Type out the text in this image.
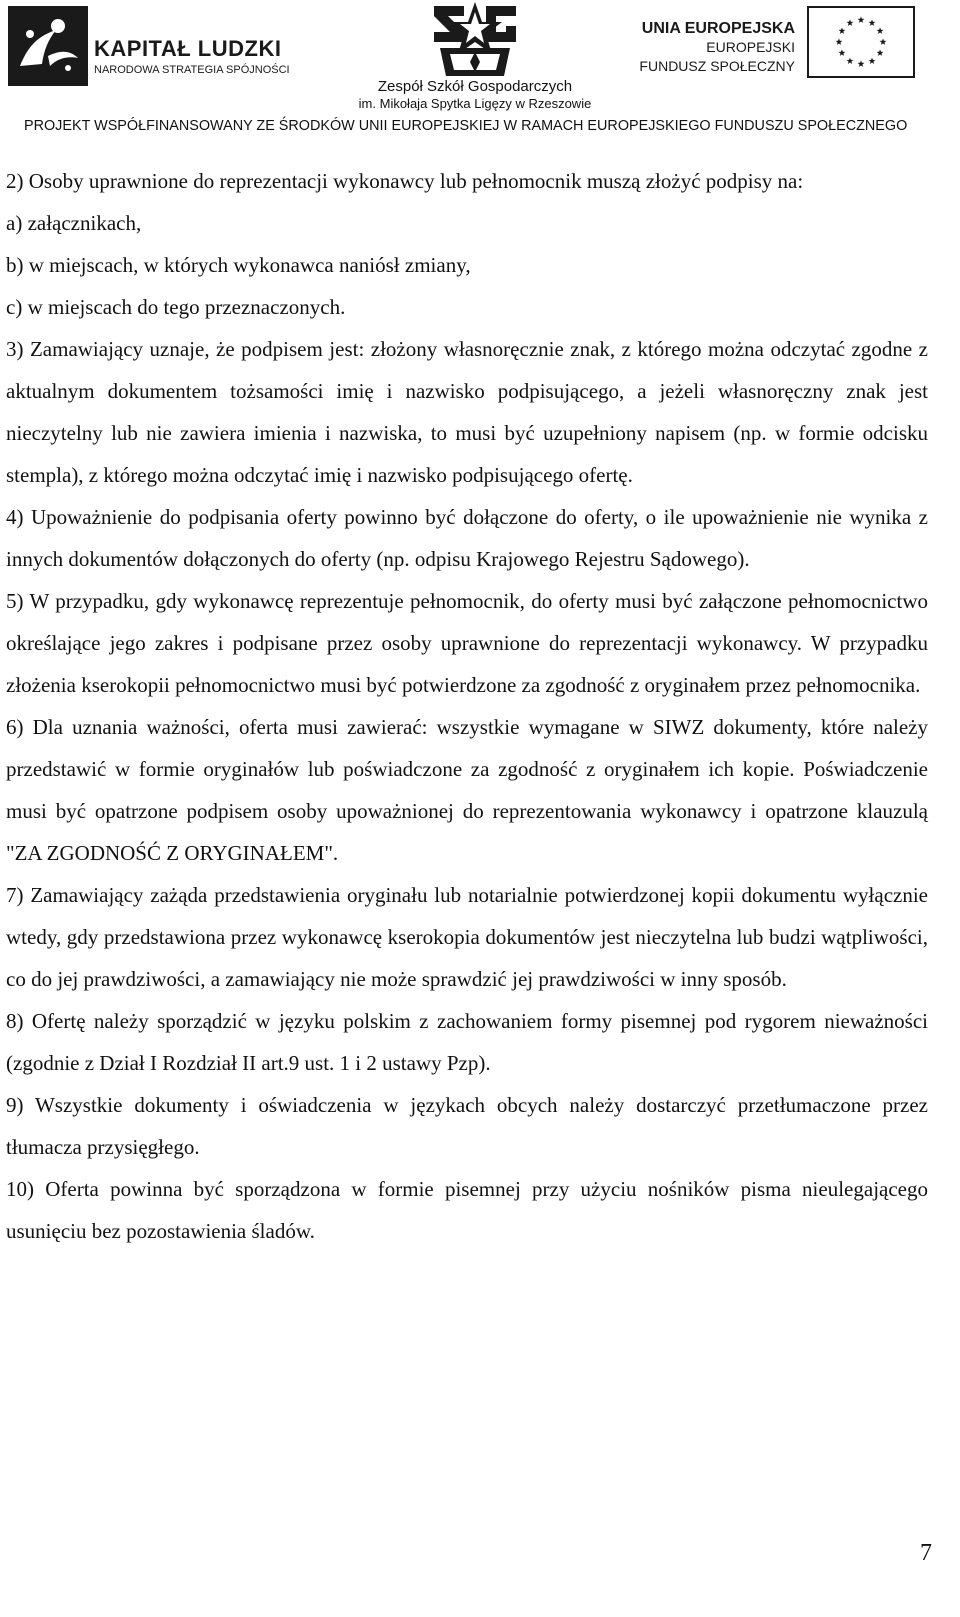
KAPITAŁ LUDZKI
NARODOWA STRATEGIA SPÓJNOŚCI
Zespół Szkół Gospodarczych
im. Mikołaja Spytka Ligęzy w Rzeszowie
UNIA EUROPEJSKA
EUROPEJSKI
FUNDUSZ SPOŁECZNY
PROJEKT WSPÓŁFINANSOWANY ZE ŚRODKÓW UNII EUROPEJSKIEJ W RAMACH EUROPEJSKIEGO FUNDUSZU SPOŁECZNEGO

2) Osoby uprawnione do reprezentacji wykonawcy lub pełnomocnik muszą złożyć podpisy na:

a) załącznikach,

b) w miejscach, w których wykonawca naniósł zmiany,

c) w miejscach do tego przeznaczonych.

3) Zamawiający uznaje, że podpisem jest: złożony własnoręcznie znak, z którego można odczytać zgodne z aktualnym dokumentem tożsamości imię i nazwisko podpisującego, a jeżeli własnoręczny znak jest nieczytelny lub nie zawiera imienia i nazwiska, to musi być uzupełniony napisem (np. w formie odcisku stempla), z którego można odczytać imię i nazwisko podpisującego ofertę.

4) Upoważnienie do podpisania oferty powinno być dołączone do oferty, o ile upoważnienie nie wynika z innych dokumentów dołączonych do oferty (np. odpisu Krajowego Rejestru Sądowego).

5) W przypadku, gdy wykonawcę reprezentuje pełnomocnik, do oferty musi być załączone pełnomocnictwo określające jego zakres i podpisane przez osoby uprawnione do reprezentacji wykonawcy. W przypadku złożenia kserokopii pełnomocnictwo musi być potwierdzone za zgodność z oryginałem przez pełnomocnika.

6) Dla uznania ważności, oferta musi zawierać: wszystkie wymagane w SIWZ dokumenty, które należy przedstawić w formie oryginałów lub poświadczone za zgodność z oryginałem ich kopie. Poświadczenie musi być opatrzone podpisem osoby upoważnionej do reprezentowania wykonawcy i opatrzone klauzulą "ZA ZGODNOŚĆ Z ORYGINAŁEM".

7) Zamawiający zażąda przedstawienia oryginału lub notarialnie potwierdzonej kopii dokumentu wyłącznie wtedy, gdy przedstawiona przez wykonawcę kserokopia dokumentów jest nieczytelna lub budzi wątpliwości, co do jej prawdziwości, a zamawiający nie może sprawdzić jej prawdziwości w inny sposób.

8) Ofertę należy sporządzić w języku polskim z zachowaniem formy pisemnej pod rygorem nieważności (zgodnie z Dział I Rozdział II art.9 ust. 1 i 2 ustawy Pzp).

9) Wszystkie dokumenty i oświadczenia w językach obcych należy dostarczyć przetłumaczone przez tłumacza przysięgłego.

10) Oferta powinna być sporządzona w formie pisemnej przy użyciu nośników pisma nieulegającego usunięciu bez pozostawienia śladów.

7
